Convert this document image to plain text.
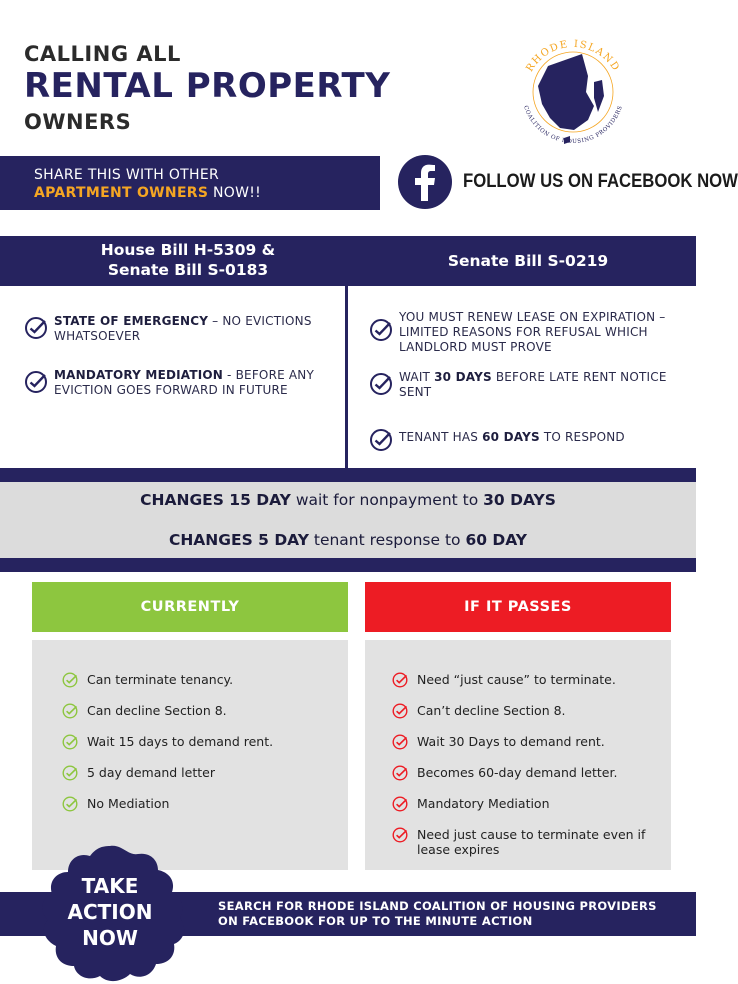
CALLING ALL
RENTAL PROPERTY
OWNERS
RHODE ISLAND
COALITION OF HOUSING PROVIDERS
SHARE THIS WITH OTHER
APARTMENT OWNERS NOW!!
FOLLOW US ON FACEBOOK NOW
House Bill H-5309 &
Senate Bill S-0183	Senate Bill S-0219
STATE OF EMERGENCY – NO EVICTIONS WHATSOEVER
MANDATORY MEDIATION - BEFORE ANY EVICTION GOES FORWARD IN FUTURE
YOU MUST RENEW LEASE ON EXPIRATION – LIMITED REASONS FOR REFUSAL WHICH LANDLORD MUST PROVE
WAIT 30 DAYS BEFORE LATE RENT NOTICE SENT
TENANT HAS 60 DAYS TO RESPOND
CHANGES 15 DAY wait for nonpayment to 30 DAYS
CHANGES 5 DAY tenant response to 60 DAY
CURRENTLY	IF IT PASSES
Can terminate tenancy.
Can decline Section 8.
Wait 15 days to demand rent.
5 day demand letter
No Mediation
Need “just cause” to terminate.
Can’t decline Section 8.
Wait 30 Days to demand rent.
Becomes 60-day demand letter.
Mandatory Mediation
Need just cause to terminate even if lease expires
SEARCH FOR RHODE ISLAND COALITION OF HOUSING PROVIDERS
ON FACEBOOK FOR UP TO THE MINUTE ACTION
TAKE
ACTION
NOW
